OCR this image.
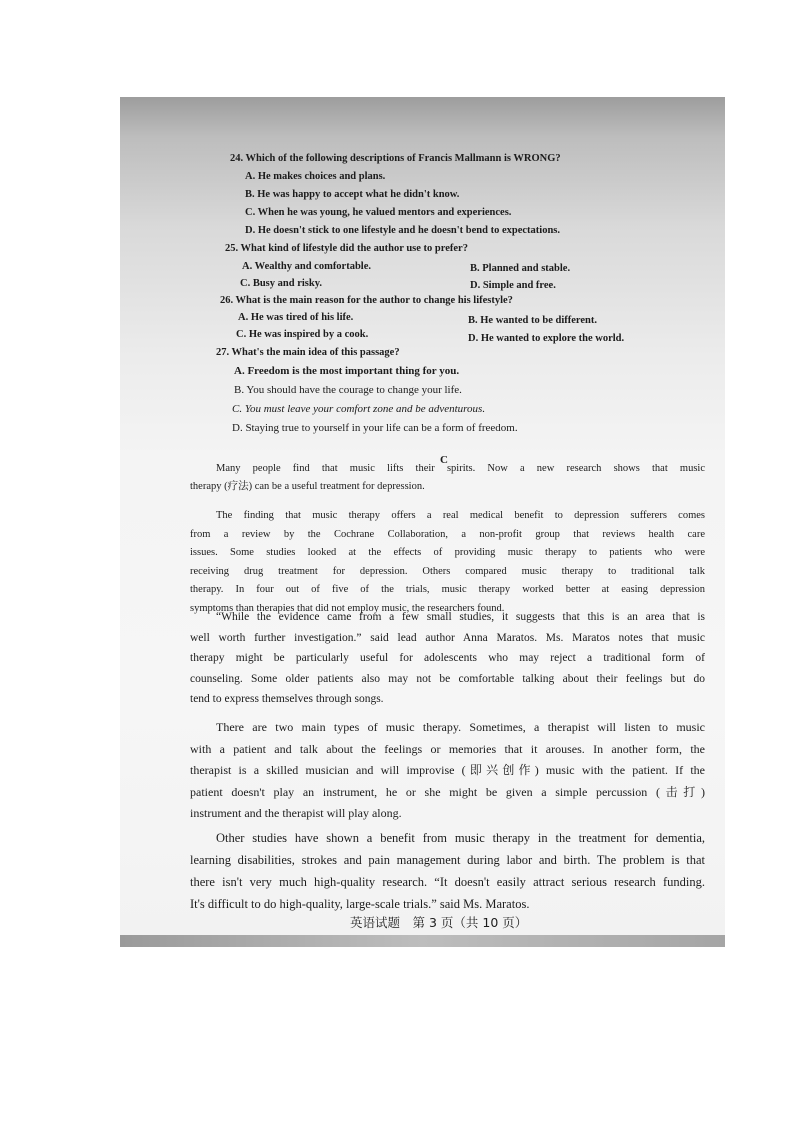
24. Which of the following descriptions of Francis Mallmann is WRONG?
A. He makes choices and plans.
B. He was happy to accept what he didn't know.
C. When he was young, he valued mentors and experiences.
D. He doesn't stick to one lifestyle and he doesn't bend to expectations.
25. What kind of lifestyle did the author use to prefer?
A. Wealthy and comfortable.	B. Planned and stable.
C. Busy and risky.	D. Simple and free.
26. What is the main reason for the author to change his lifestyle?
A. He was tired of his life.	B. He wanted to be different.
C. He was inspired by a cook.	D. He wanted to explore the world.
27. What's the main idea of this passage?
A. Freedom is the most important thing for you.
B. You should have the courage to change your life.
C. You must leave your comfort zone and be adventurous.
D. Staying true to yourself in your life can be a form of freedom.
C
Many people find that music lifts their spirits. Now a new research shows that music
therapy (疗法) can be a useful treatment for depression.
The finding that music therapy offers a real medical benefit to depression sufferers comes
from a review by the Cochrane Collaboration, a non-profit group that reviews health care
issues. Some studies looked at the effects of providing music therapy to patients who were
receiving drug treatment for depression. Others compared music therapy to traditional talk
therapy. In four out of five of the trials, music therapy worked better at easing depression
symptoms than therapies that did not employ music, the researchers found.
“While the evidence came from a few small studies, it suggests that this is an area that is
well worth further investigation.” said lead author Anna Maratos. Ms. Maratos notes that music
therapy might be particularly useful for adolescents who may reject a traditional form of
counseling. Some older patients also may not be comfortable talking about their feelings but do
tend to express themselves through songs.
There are two main types of music therapy. Sometimes, a therapist will listen to music
with a patient and talk about the feelings or memories that it arouses. In another form, the
therapist is a skilled musician and will improvise (即兴创作) music with the patient. If the
patient doesn't play an instrument, he or she might be given a simple percussion (击打)
instrument and the therapist will play along.
Other studies have shown a benefit from music therapy in the treatment for dementia,
learning disabilities, strokes and pain management during labor and birth. The problem is that
there isn't very much high-quality research. “It doesn't easily attract serious research funding.
It's difficult to do high-quality, large-scale trials.” said Ms. Maratos.
英语试题　第 3 页（共 10 页）
